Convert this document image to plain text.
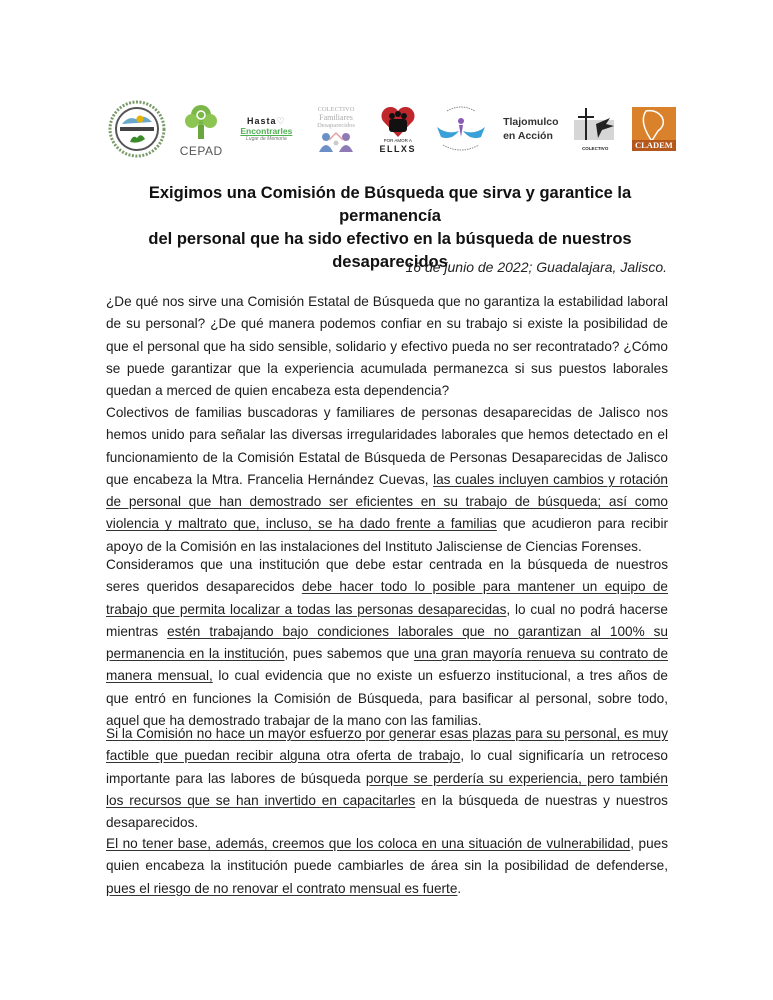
CEPAD
Hasta♡
Encontrarles
Lugar de Memoria
COLECTIVO
Familiares
Desaparecidos
POR AMOR A
ELLXS
Tlajomulco
en Acción
COLECTIVO	CLADEM
Exigimos una Comisión de Búsqueda que sirva y garantice la permanencía
del personal que ha sido efectivo en la búsqueda de nuestros desaparecidos
16 de junio de 2022; Guadalajara, Jalisco.
¿De qué nos sirve una Comisión Estatal de Búsqueda que no garantiza la estabilidad laboral de su personal? ¿De qué manera podemos confiar en su trabajo si existe la posibilidad de que el personal que ha sido sensible, solidario y efectivo pueda no ser recontratado? ¿Cómo se puede garantizar que la experiencia acumulada permanezca si sus puestos laborales quedan a merced de quien encabeza esta dependencia?
Colectivos de familias buscadoras y familiares de personas desaparecidas de Jalisco nos hemos unido para señalar las diversas irregularidades laborales que hemos detectado en el funcionamiento de la Comisión Estatal de Búsqueda de Personas Desaparecidas de Jalisco que encabeza la Mtra. Francelia Hernández Cuevas, las cuales incluyen cambios y rotación de personal que han demostrado ser eficientes en su trabajo de búsqueda; así como violencia y maltrato que, incluso, se ha dado frente a familias que acudieron para recibir apoyo de la Comisión en las instalaciones del Instituto Jalisciense de Ciencias Forenses.
Consideramos que una institución que debe estar centrada en la búsqueda de nuestros seres queridos desaparecidos debe hacer todo lo posible para mantener un equipo de trabajo que permita localizar a todas las personas desaparecidas, lo cual no podrá hacerse mientras estén trabajando bajo condiciones laborales que no garantizan al 100% su permanencia en la institución, pues sabemos que una gran mayoría renueva su contrato de manera mensual, lo cual evidencia que no existe un esfuerzo institucional, a tres años de que entró en funciones la Comisión de Búsqueda, para basificar al personal, sobre todo, aquel que ha demostrado trabajar de la mano con las familias.
Si la Comisión no hace un mayor esfuerzo por generar esas plazas para su personal, es muy factible que puedan recibir alguna otra oferta de trabajo, lo cual significaría un retroceso importante para las labores de búsqueda porque se perdería su experiencia, pero también los recursos que se han invertido en capacitarles en la búsqueda de nuestras y nuestros desaparecidos.
El no tener base, además, creemos que los coloca en una situación de vulnerabilidad, pues quien encabeza la institución puede cambiarles de área sin la posibilidad de defenderse, pues el riesgo de no renovar el contrato mensual es fuerte.
